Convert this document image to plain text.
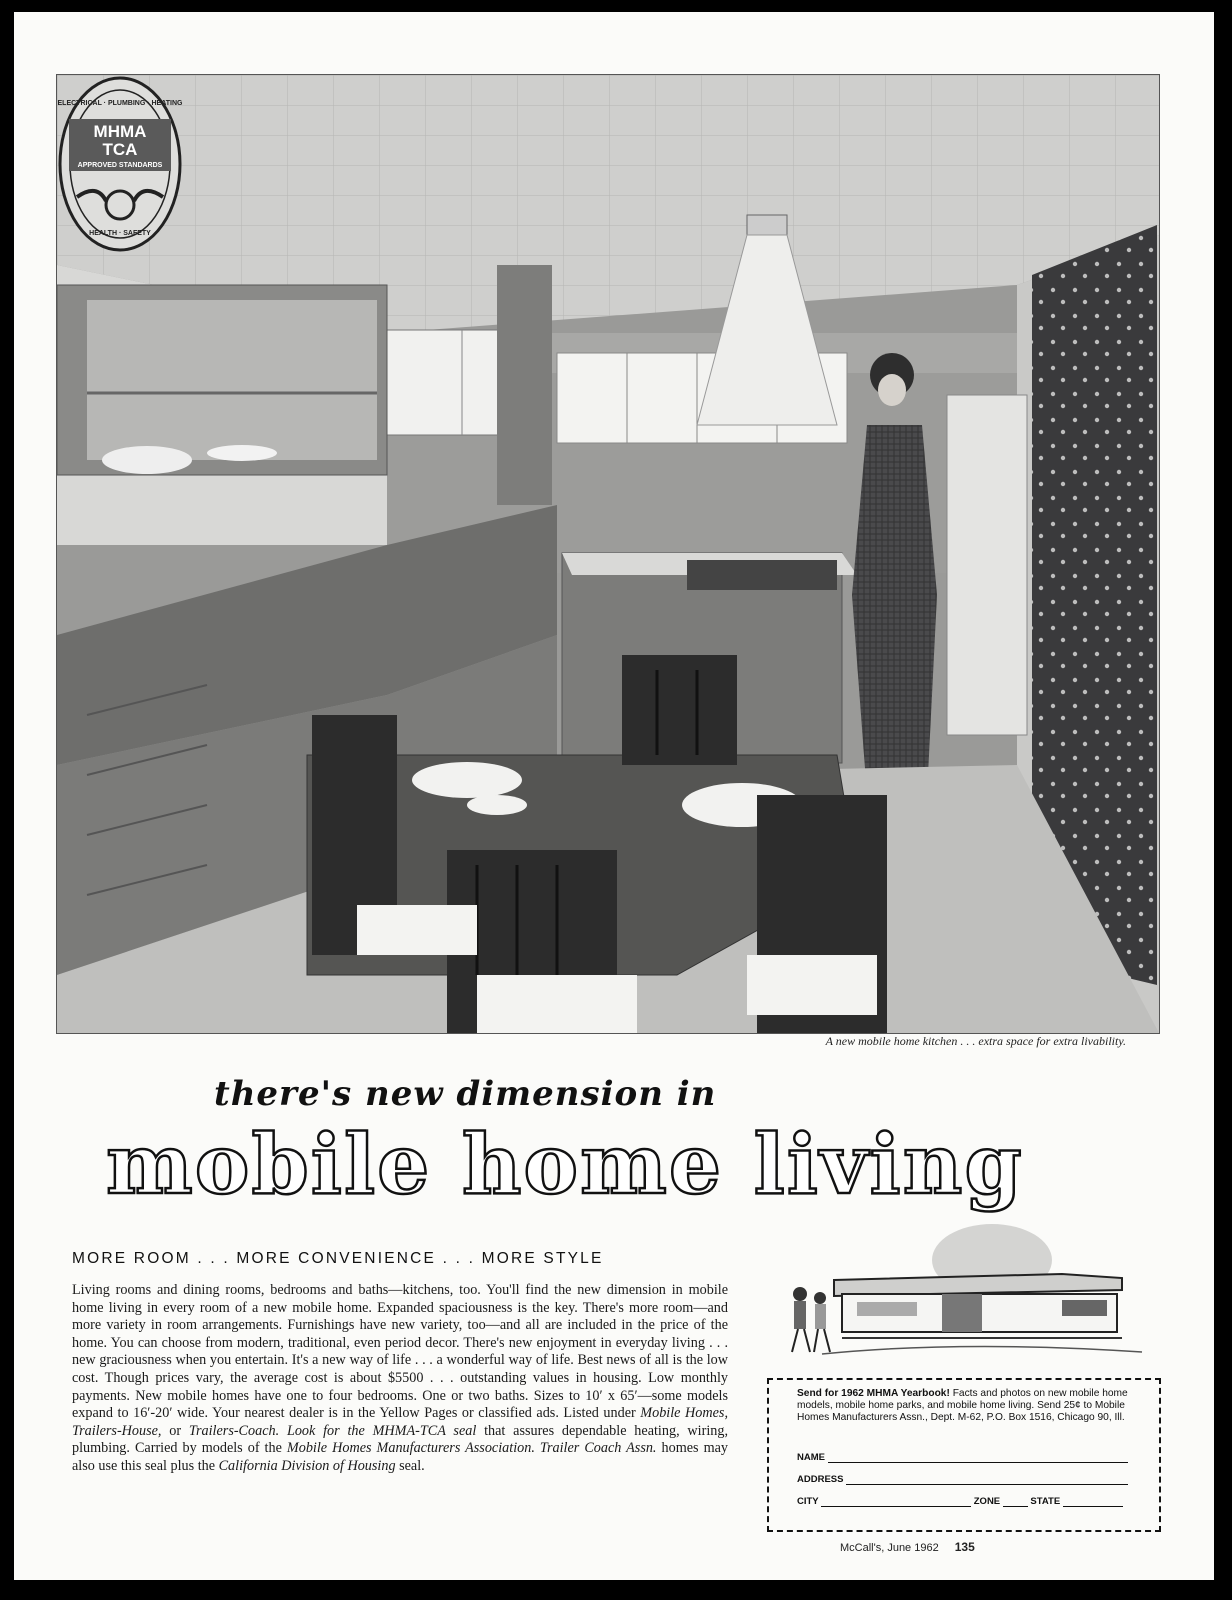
ELECTRICAL · PLUMBING · HEATING
MHMA
TCA
APPROVED STANDARDS
HEALTH · SAFETY
A new mobile home kitchen . . . extra space for extra livability.
there's new dimension in
mobile home living
MORE ROOM . . . MORE CONVENIENCE . . . MORE STYLE
Living rooms and dining rooms, bedrooms and baths—kitchens, too. You'll find the new dimension in mobile home living in every room of a new mobile home. Expanded spaciousness is the key. There's more room—and more variety in room arrangements. Furnishings have new variety, too—and all are included in the price of the home. You can choose from modern, traditional, even period decor. There's new enjoyment in everyday living . . . new graciousness when you entertain. It's a new way of life . . . a wonderful way of life. Best news of all is the low cost. Though prices vary, the average cost is about $5500 . . . outstanding values in housing. Low monthly payments. New mobile homes have one to four bedrooms. One or two baths. Sizes to 10′ x 65′—some models expand to 16′-20′ wide. Your nearest dealer is in the Yellow Pages or classified ads. Listed under Mobile Homes, Trailers-House, or Trailers-Coach. Look for the MHMA-TCA seal that assures dependable heating, wiring, plumbing. Carried by models of the Mobile Homes Manufacturers Association. Trailer Coach Assn. homes may also use this seal plus the California Division of Housing seal.
Send for 1962 MHMA Yearbook! Facts and photos on new mobile home models, mobile home parks, and mobile home living. Send 25¢ to Mobile Homes Manufacturers Assn., Dept. M-62, P.O. Box 1516, Chicago 90, Ill.
NAME
ADDRESS
CITY	ZONE	STATE
McCall's, June 1962 135
